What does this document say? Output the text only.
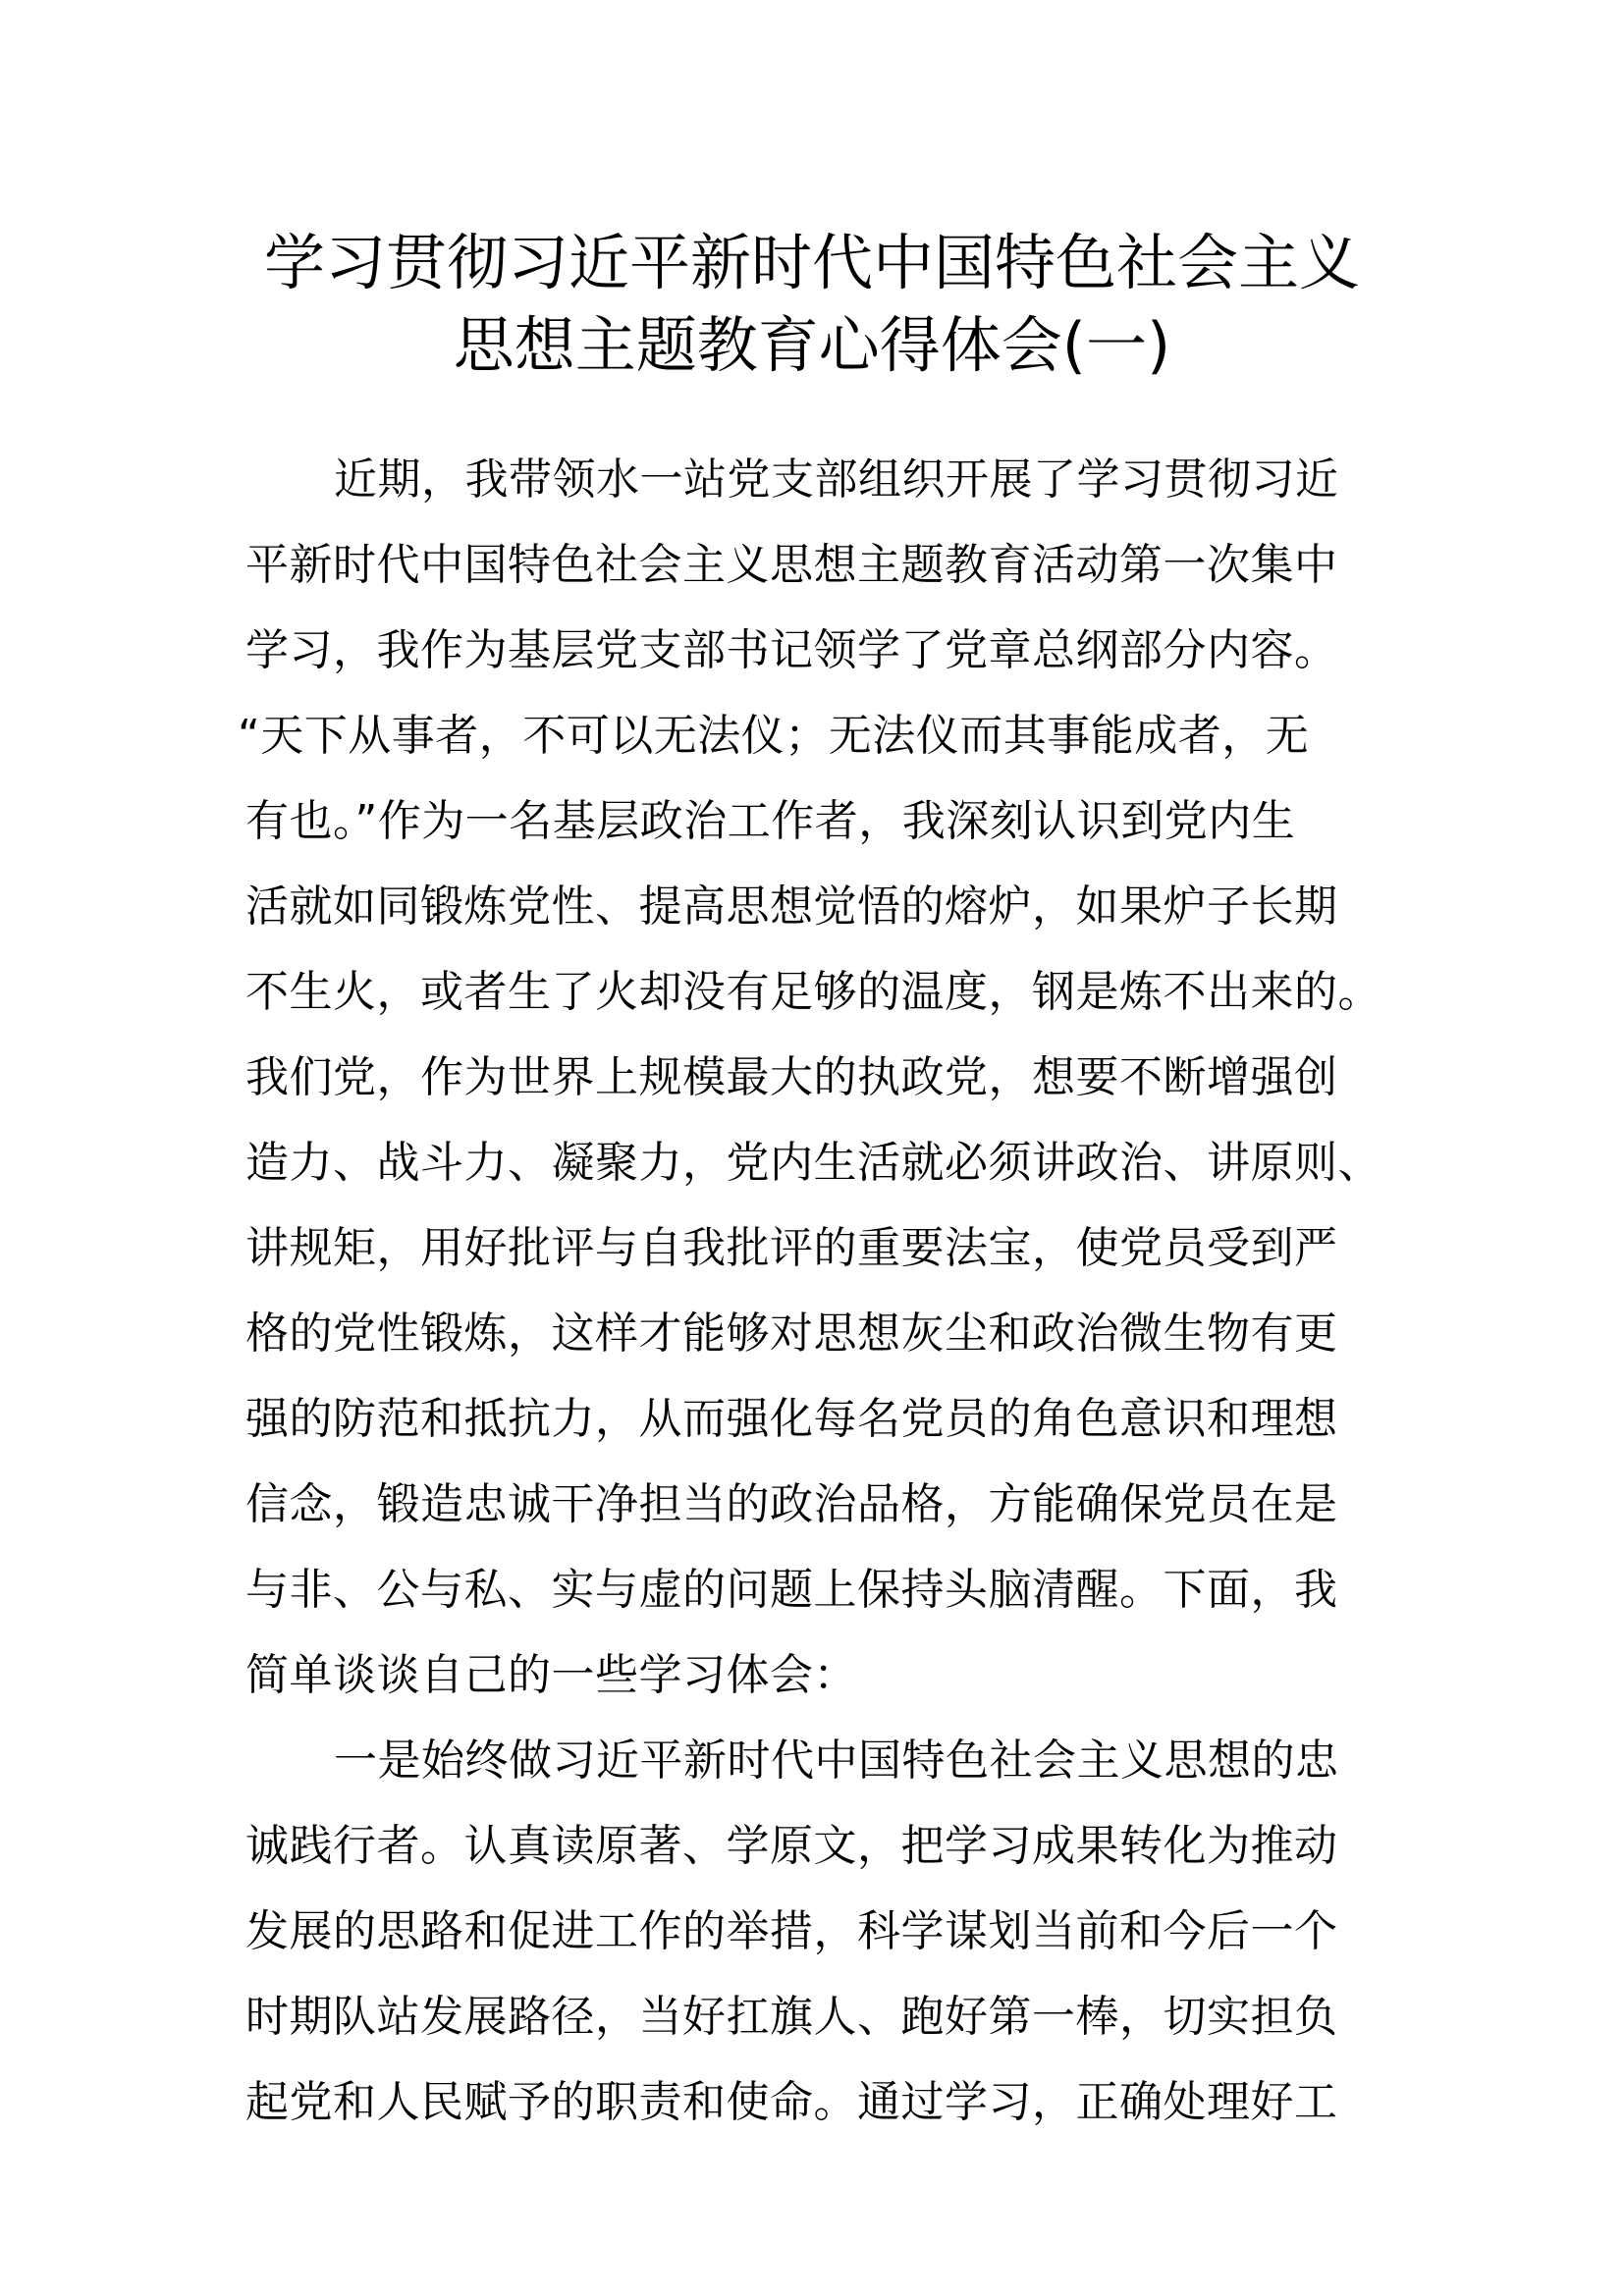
学习贯彻习近平新时代中国特色社会主义
思想主题教育心得体会(一)
近期，我带领水一站党支部组织开展了学习贯彻习近
平新时代中国特色社会主义思想主题教育活动第一次集中
学习，我作为基层党支部书记领学了党章总纲部分内容。
“天下从事者，不可以无法仪；无法仪而其事能成者，无
有也。”作为一名基层政治工作者，我深刻认识到党内生
活就如同锻炼党性、提高思想觉悟的熔炉，如果炉子长期
不生火，或者生了火却没有足够的温度，钢是炼不出来的。
我们党，作为世界上规模最大的执政党，想要不断增强创
造力、战斗力、凝聚力，党内生活就必须讲政治、讲原则、
讲规矩，用好批评与自我批评的重要法宝，使党员受到严
格的党性锻炼，这样才能够对思想灰尘和政治微生物有更
强的防范和抵抗力，从而强化每名党员的角色意识和理想
信念，锻造忠诚干净担当的政治品格，方能确保党员在是
与非、公与私、实与虚的问题上保持头脑清醒。下面，我
简单谈谈自己的一些学习体会：
一是始终做习近平新时代中国特色社会主义思想的忠
诚践行者。认真读原著、学原文，把学习成果转化为推动
发展的思路和促进工作的举措，科学谋划当前和今后一个
时期队站发展路径，当好扛旗人、跑好第一棒，切实担负
起党和人民赋予的职责和使命。通过学习，正确处理好工
